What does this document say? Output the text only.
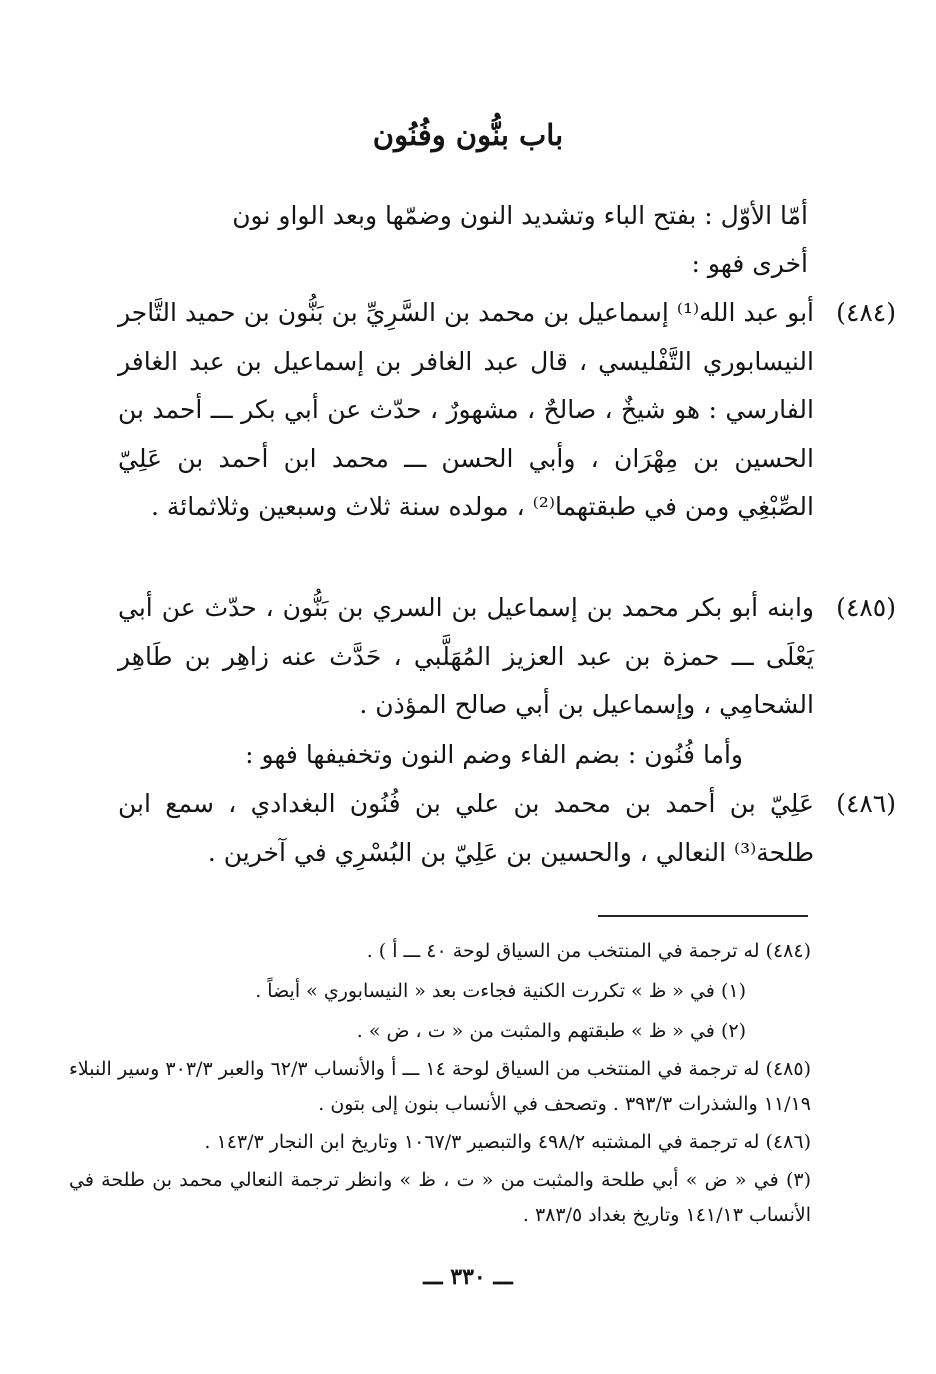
باب بنُّون وفُنُون
أمّا الأوّل : بفتح الباء وتشديد النون وضمّها وبعد الواو نون
أخرى فهو :
(٤٨٤)
أبو عبد الله⁽¹⁾ إسماعيل بن محمد بن السَّرِيِّ بن بَنُّون بن حميد التَّاجر النيسابوري التَّفْليسي ، قال عبد الغافر بن إسماعيل بن عبد الغافر الفارسي : هو شيخٌ ، صالحٌ ، مشهورٌ ، حدّث عن أبي بكر ـــ أحمد بن الحسين بن مِهْرَان ، وأبي الحسن ـــ محمد ابن أحمد بن عَلِيّ الصِّبْغِي ومن في طبقتهما⁽²⁾ ، مولده سنة ثلاث وسبعين وثلاثمائة .
(٤٨٥)
وابنه أبو بكر محمد بن إسماعيل بن السري بن بَنُّون ، حدّث عن أبي يَعْلَى ـــ حمزة بن عبد العزيز المُهَلَّبي ، حَدَّث عنه زاهِر بن طَاهِر الشحامِي ، وإسماعيل بن أبي صالح المؤذن .
وأما فُنُون : بضم الفاء وضم النون وتخفيفها فهو :
(٤٨٦)
عَلِيّ بن أحمد بن محمد بن علي بن فُنُون البغدادي ، سمع ابن طلحة⁽³⁾ النعالي ، والحسين بن عَلِيّ بن البُسْرِي في آخرين .
(٤٨٤) له ترجمة في المنتخب من السياق لوحة ٤٠ ـــ أ ) .
(١) في « ظ » تكررت الكنية فجاءت بعد « النيسابوري » أيضاً .
(٢) في « ظ » طبقتهم والمثبت من « ت ، ض » .
(٤٨٥) له ترجمة في المنتخب من السياق لوحة ١٤ ـــ أ والأنساب ٦٢/٣ والعبر ٣٠٣/٣ وسير النبلاء ١١/١٩ والشذرات ٣٩٣/٣ . وتصحف في الأنساب بنون إلى بتون .
(٤٨٦) له ترجمة في المشتبه ٤٩٨/٢ والتبصير ١٠٦٧/٣ وتاريخ ابن النجار ١٤٣/٣ .
(٣) في « ض » أبي طلحة والمثبت من « ت ، ظ » وانظر ترجمة النعالي محمد بن طلحة في الأنساب ١٤١/١٣ وتاريخ بغداد ٣٨٣/٥ .
ـــ ٣٣٠ ـــ
